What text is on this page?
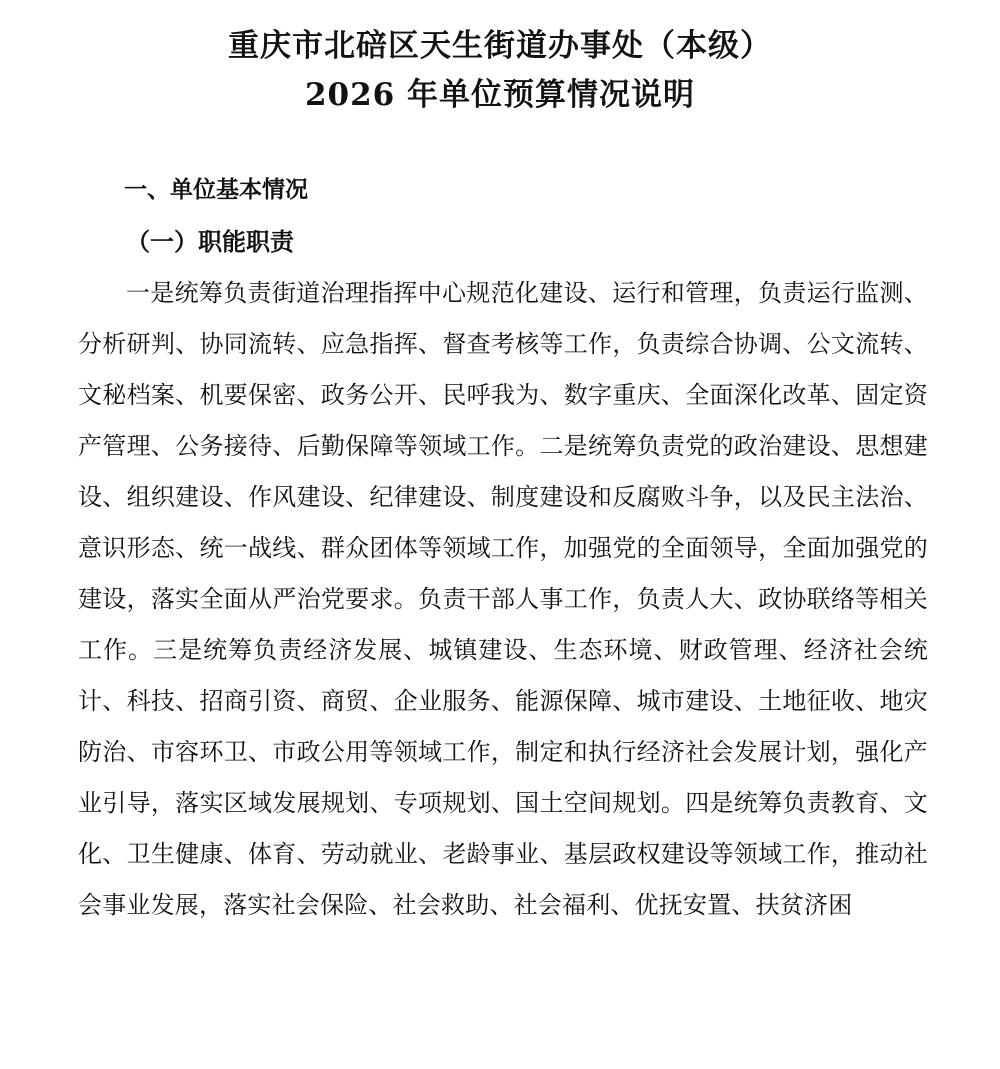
重庆市北碚区天生街道办事处（本级）
2026 年单位预算情况说明
一、单位基本情况
（一）职能职责

一是统筹负责街道治理指挥中心规范化建设、运行和管理，负责运行监测、分析研判、协同流转、应急指挥、督查考核等工作，负责综合协调、公文流转、文秘档案、机要保密、政务公开、民呼我为、数字重庆、全面深化改革、固定资产管理、公务接待、后勤保障等领域工作。二是统筹负责党的政治建设、思想建设、组织建设、作风建设、纪律建设、制度建设和反腐败斗争，以及民主法治、意识形态、统一战线、群众团体等领域工作，加强党的全面领导，全面加强党的建设，落实全面从严治党要求。负责干部人事工作，负责人大、政协联络等相关工作。三是统筹负责经济发展、城镇建设、生态环境、财政管理、经济社会统计、科技、招商引资、商贸、企业服务、能源保障、城市建设、土地征收、地灾防治、市容环卫、市政公用等领域工作，制定和执行经济社会发展计划，强化产业引导，落实区域发展规划、专项规划、国土空间规划。四是统筹负责教育、文化、卫生健康、体育、劳动就业、老龄事业、基层政权建设等领域工作，推动社会事业发展，落实社会保险、社会救助、社会福利、优抚安置、扶贫济困
